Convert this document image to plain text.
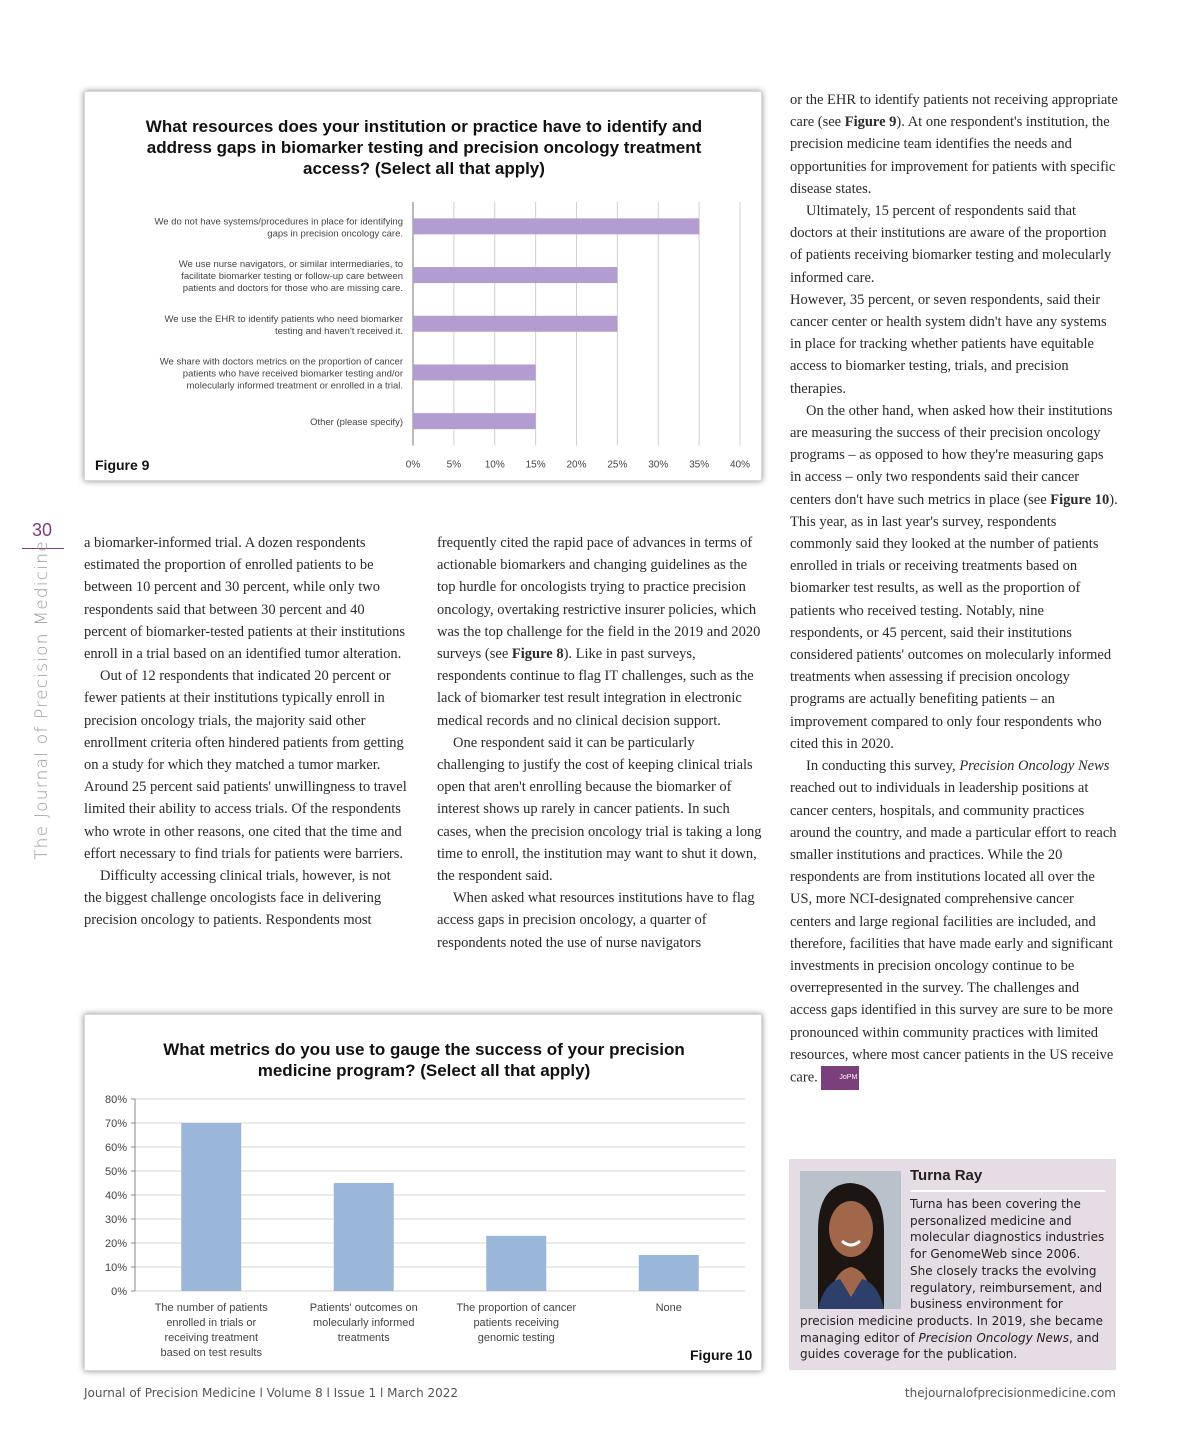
30
The Journal of Precision Medicine
What resources does your institution or practice have to identify and address gaps in biomarker testing and precision oncology treatment access? (Select all that apply)
0%	5% 10% 15% 20% 25% 30% 35% 40%
We do not have systems/procedures in place for identifying
gaps in precision oncology care.
We use nurse navigators, or similar intermediaries, to
facilitate biomarker testing or follow-up care between
patients and doctors for those who are missing care.
We use the EHR to identify patients who need biomarker
testing and haven't received it.
We share with doctors metrics on the proportion of cancer
patients who have received biomarker testing and/or
molecularly informed treatment or enrolled in a trial.
Other (please specify)
Figure 9
What metrics do you use to gauge the success of your precision medicine program? (Select all that apply)
0%
10%
20%
30%
40%
50%
60%
70%
80%
The number of patients
enrolled in trials or
receiving treatment
based on test results
Patients' outcomes on
molecularly informed
treatments
The proportion of cancer
patients receiving
genomic testing
None
Figure 10

a biomarker-informed trial. A dozen respondents estimated the proportion of enrolled patients to be between 10 percent and 30 percent, while only two respondents said that between 30 percent and 40 percent of biomarker-tested patients at their institutions enroll in a trial based on an identified tumor alteration.

Out of 12 respondents that indicated 20 percent or fewer patients at their institutions typically enroll in precision oncology trials, the majority said other enrollment criteria often hindered patients from getting on a study for which they matched a tumor marker. Around 25 percent said patients' unwillingness to travel limited their ability to access trials. Of the respondents who wrote in other reasons, one cited that the time and effort necessary to find trials for patients were barriers.

Difficulty accessing clinical trials, however, is not the biggest challenge oncologists face in delivering precision oncology to patients. Respondents most

frequently cited the rapid pace of advances in terms of actionable biomarkers and changing guidelines as the top hurdle for oncologists trying to practice precision oncology, overtaking restrictive insurer policies, which was the top challenge for the field in the 2019 and 2020 surveys (see Figure 8). Like in past surveys, respondents continue to flag IT challenges, such as the lack of biomarker test result integration in electronic medical records and no clinical decision support.

One respondent said it can be particularly challenging to justify the cost of keeping clinical trials open that aren't enrolling because the biomarker of interest shows up rarely in cancer patients. In such cases, when the precision oncology trial is taking a long time to enroll, the institution may want to shut it down, the respondent said.

When asked what resources institutions have to flag access gaps in precision oncology, a quarter of respondents noted the use of nurse navigators

or the EHR to identify patients not receiving appropriate care (see Figure 9). At one respondent's institution, the precision medicine team identifies the needs and opportunities for improvement for patients with specific disease states.

Ultimately, 15 percent of respondents said that doctors at their institutions are aware of the proportion of patients receiving biomarker testing and molecularly informed care.

However, 35 percent, or seven respondents, said their cancer center or health system didn't have any systems in place for tracking whether patients have equitable access to biomarker testing, trials, and precision therapies.

On the other hand, when asked how their institutions are measuring the success of their precision oncology programs – as opposed to how they're measuring gaps in access – only two respondents said their cancer centers don't have such metrics in place (see Figure 10). This year, as in last year's survey, respondents commonly said they looked at the number of patients enrolled in trials or receiving treatments based on biomarker test results, as well as the proportion of patients who received testing. Notably, nine respondents, or 45 percent, said their institutions considered patients' outcomes on molecularly informed treatments when assessing if precision oncology programs are actually benefiting patients – an improvement compared to only four respondents who cited this in 2020.

In conducting this survey, Precision Oncology News reached out to individuals in leadership positions at cancer centers, hospitals, and community practices around the country, and made a particular effort to reach smaller institutions and practices. While the 20 respondents are from institutions located all over the US, more NCI-designated comprehensive cancer centers and large regional facilities are included, and therefore, facilities that have made early and significant investments in precision oncology continue to be overrepresented in the survey. The challenges and access gaps identified in this survey are sure to be more pronounced within community practices with limited resources, where most cancer patients in the US receive care.	JoPM

Turna Ray
Turna has been covering the personalized medicine and molecular diagnostics industries for GenomeWeb since 2006. She closely tracks the evolving regulatory, reimbursement, and business environment for
precision medicine products. In 2019, she became managing editor of Precision Oncology News, and guides coverage for the publication.
Journal of Precision Medicine l Volume 8 l Issue 1 l March 2022	thejournalofprecisionmedicine.com
